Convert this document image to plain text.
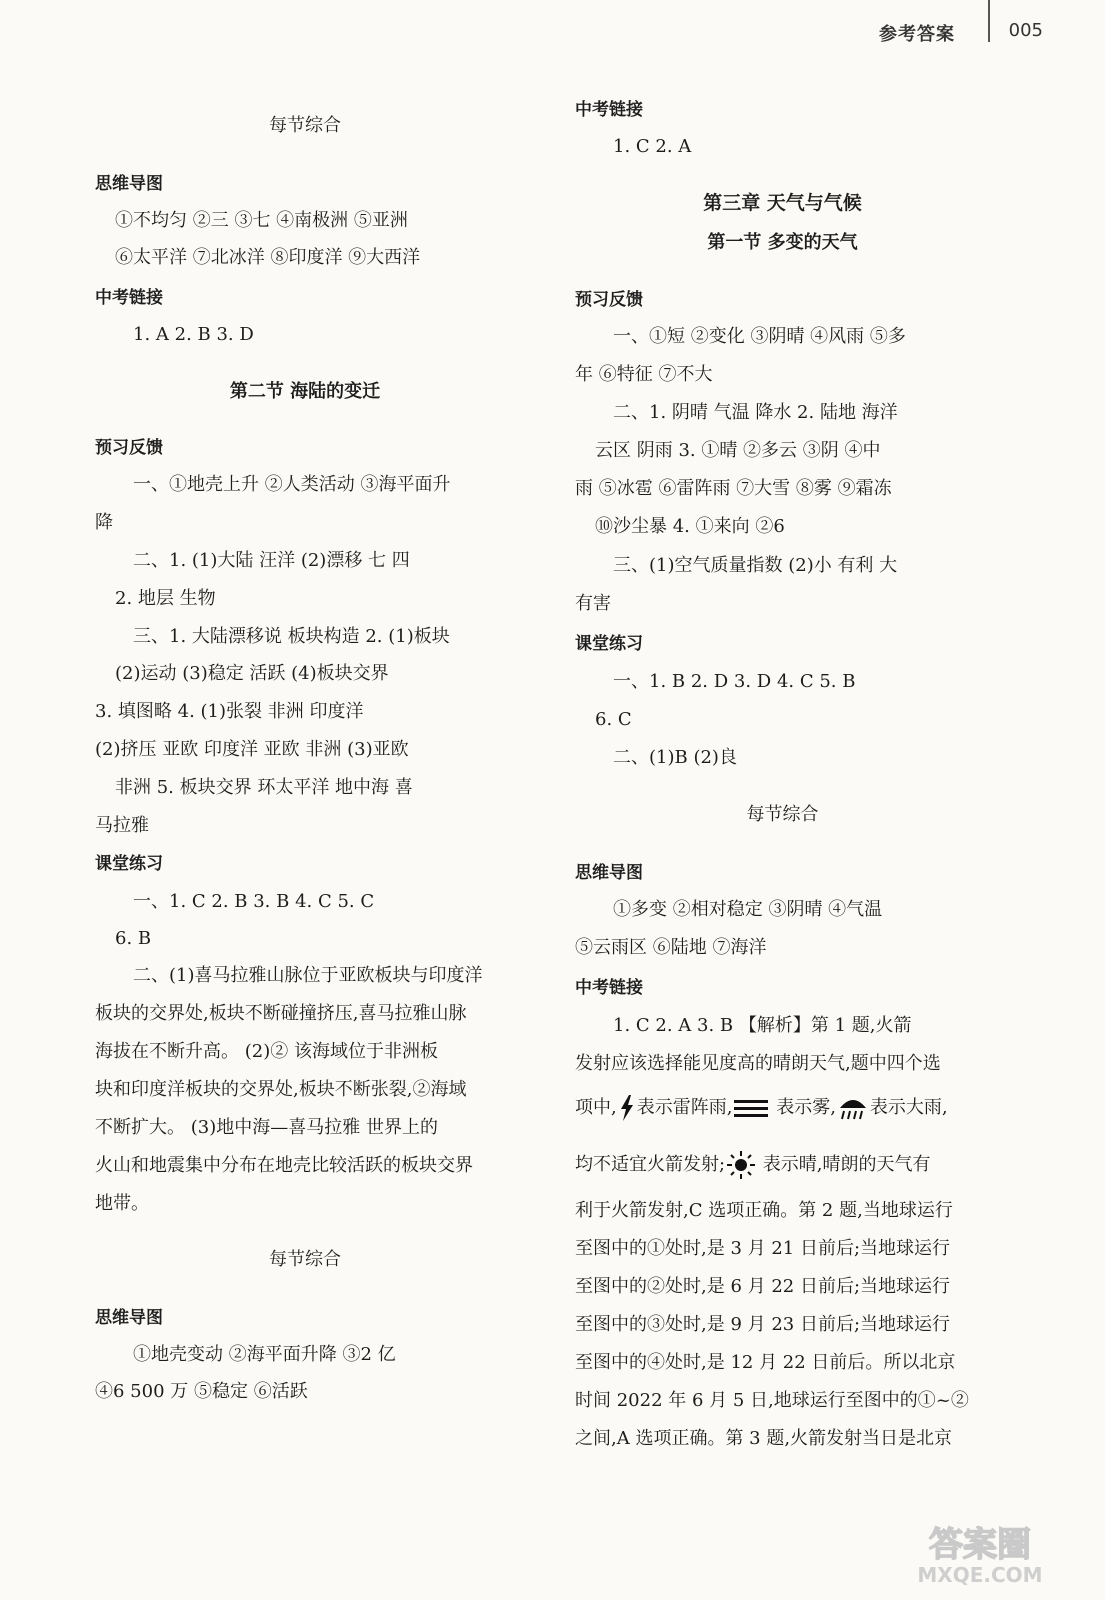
参考答案	005
每节综合
思维导图
①不均匀 ②三 ③七 ④南极洲 ⑤亚洲
⑥太平洋 ⑦北冰洋 ⑧印度洋 ⑨大西洋
中考链接
1. A 2. B 3. D
第二节 海陆的变迁
预习反馈
一、①地壳上升 ②人类活动 ③海平面升
降
二、1. (1)大陆 汪洋 (2)漂移 七 四
2. 地层 生物
三、1. 大陆漂移说 板块构造 2. (1)板块
(2)运动 (3)稳定 活跃 (4)板块交界
3. 填图略 4. (1)张裂 非洲 印度洋
(2)挤压 亚欧 印度洋 亚欧 非洲 (3)亚欧
非洲 5. 板块交界 环太平洋 地中海 喜
马拉雅
课堂练习
一、1. C 2. B 3. B 4. C 5. C
6. B
二、(1)喜马拉雅山脉位于亚欧板块与印度洋
板块的交界处,板块不断碰撞挤压,喜马拉雅山脉
海拔在不断升高。 (2)② 该海域位于非洲板
块和印度洋板块的交界处,板块不断张裂,②海域
不断扩大。 (3)地中海—喜马拉雅 世界上的
火山和地震集中分布在地壳比较活跃的板块交界
地带。
每节综合
思维导图
①地壳变动 ②海平面升降 ③2 亿
④6 500 万 ⑤稳定 ⑥活跃
中考链接
1. C 2. A
第三章 天气与气候
第一节 多变的天气
预习反馈
一、①短 ②变化 ③阴晴 ④风雨 ⑤多
年 ⑥特征 ⑦不大
二、1. 阴晴 气温 降水 2. 陆地 海洋
云区 阴雨 3. ①晴 ②多云 ③阴 ④中
雨 ⑤冰雹 ⑥雷阵雨 ⑦大雪 ⑧雾 ⑨霜冻
⑩沙尘暴 4. ①来向 ②6
三、(1)空气质量指数 (2)小 有利 大
有害
课堂练习
一、1. B 2. D 3. D 4. C 5. B
6. C
二、(1)B (2)良
每节综合
思维导图
①多变 ②相对稳定 ③阴晴 ④气温
⑤云雨区 ⑥陆地 ⑦海洋
中考链接
1. C 2. A 3. B 【解析】第 1 题,火箭
发射应该选择能见度高的晴朗天气,题中四个选
项中, 表示雷阵雨, 表示雾, 表示大雨,
均不适宜火箭发射; 表示晴,晴朗的天气有
利于火箭发射,C 选项正确。第 2 题,当地球运行
至图中的①处时,是 3 月 21 日前后;当地球运行
至图中的②处时,是 6 月 22 日前后;当地球运行
至图中的③处时,是 9 月 23 日前后;当地球运行
至图中的④处时,是 12 月 22 日前后。所以北京
时间 2022 年 6 月 5 日,地球运行至图中的①~②
之间,A 选项正确。第 3 题,火箭发射当日是北京
答案圈
MXQE.COM
